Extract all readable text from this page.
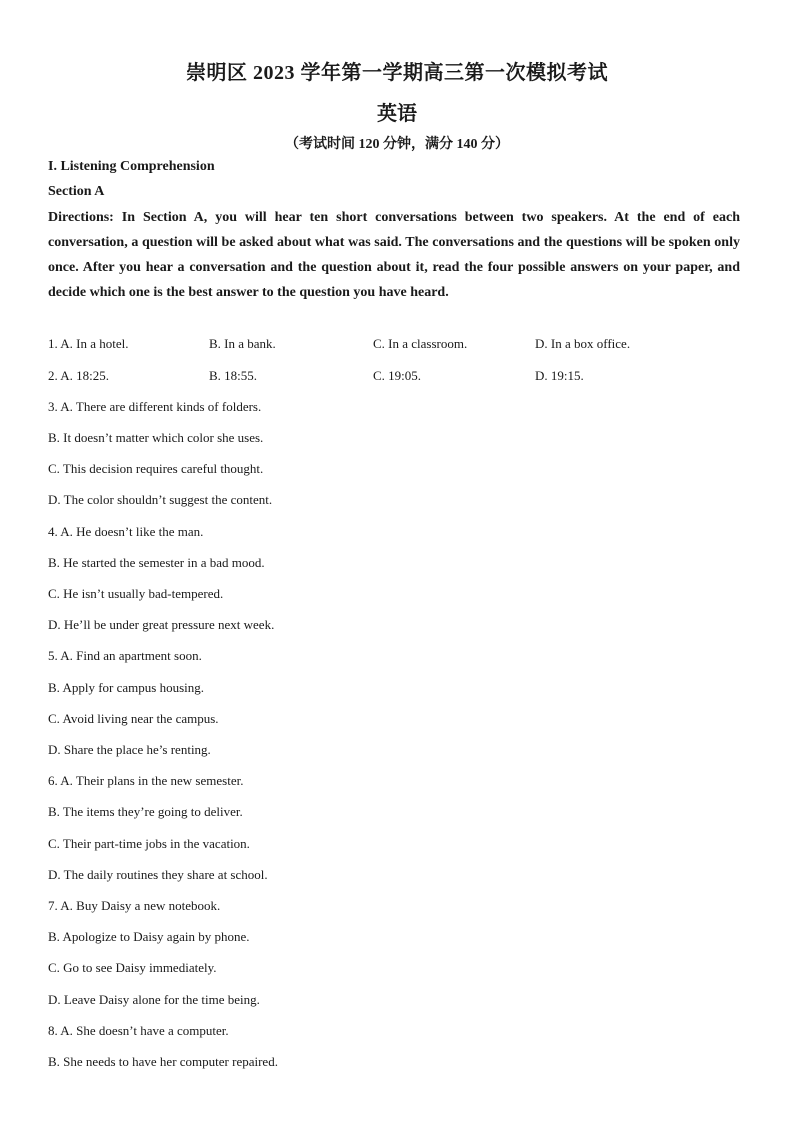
崇明区 2023 学年第一学期高三第一次模拟考试
英语
（考试时间 120 分钟，满分 140 分）
I. Listening Comprehension
Section A
Directions: In Section A, you will hear ten short conversations between two speakers. At the end of each conversation, a question will be asked about what was said. The conversations and the questions will be spoken only once. After you hear a conversation and the question about it, read the four possible answers on your paper, and decide which one is the best answer to the question you have heard.
1. A. In a hotel.	B. In a bank.	C. In a classroom.	D. In a box office.
2. A. 18:25.	B. 18:55.	C. 19:05.	D. 19:15.
3. A. There are different kinds of folders.
B. It doesn’t matter which color she uses.
C. This decision requires careful thought.
D. The color shouldn’t suggest the content.
4. A. He doesn’t like the man.
B. He started the semester in a bad mood.
C. He isn’t usually bad-tempered.
D. He’ll be under great pressure next week.
5. A. Find an apartment soon.
B. Apply for campus housing.
C. Avoid living near the campus.
D. Share the place he’s renting.
6. A. Their plans in the new semester.
B. The items they’re going to deliver.
C. Their part-time jobs in the vacation.
D. The daily routines they share at school.
7. A. Buy Daisy a new notebook.
B. Apologize to Daisy again by phone.
C. Go to see Daisy immediately.
D. Leave Daisy alone for the time being.
8. A. She doesn’t have a computer.
B. She needs to have her computer repaired.
